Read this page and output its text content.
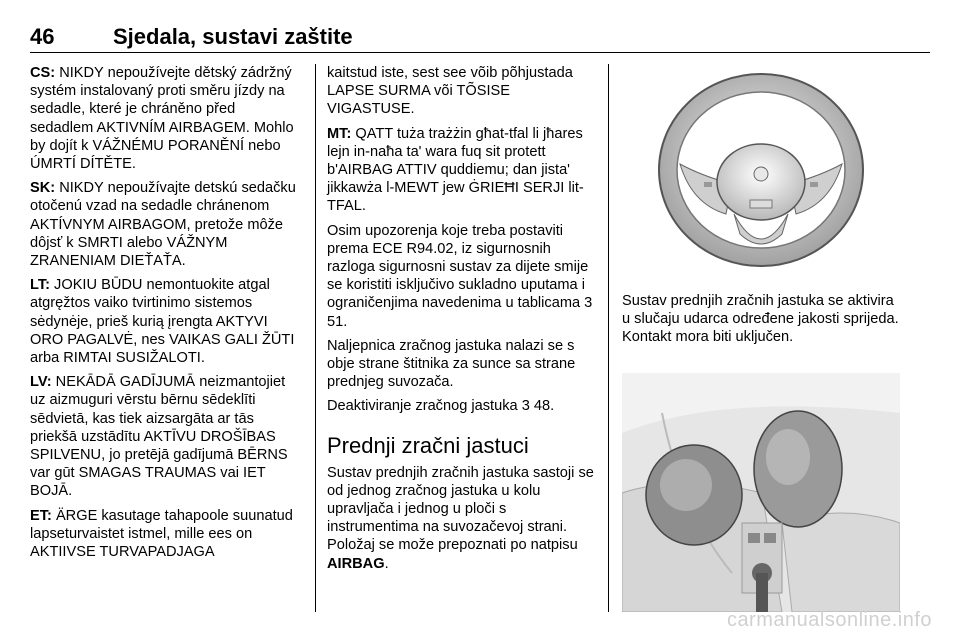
46	Sjedala, sustavi zaštite

CS: NIKDY nepoužívejte dětský zádržný systém instalovaný proti směru jízdy na sedadle, které je chráněno před sedadlem AKTIVNÍM AIRBAGEM. Mohlo by dojít k VÁŽNÉMU PORANĚNÍ nebo ÚMRTÍ DÍTĚTE.

SK: NIKDY nepoužívajte detskú sedačku otočenú vzad na sedadle chránenom AKTÍVNYM AIRBAGOM, pretože môže dôjsť k SMRTI alebo VÁŽNYM ZRANENIAM DIEŤAŤA.

LT: JOKIU BŪDU nemontuokite atgal atgręžtos vaiko tvirtinimo sistemos sėdynėje, prieš kurią įrengta AKTYVI ORO PAGALVĖ, nes VAIKAS GALI ŽŪTI arba RIMTAI SUSIŽALOTI.

LV: NEKĀDĀ GADĪJUMĀ neizmantojiet uz aizmuguri vērstu bērnu sēdeklīti sēdvietā, kas tiek aizsargāta ar tās priekšā uzstādītu AKTĪVU DROŠĪBAS SPILVENU, jo pretējā gadījumā BĒRNS var gūt SMAGAS TRAUMAS vai IET BOJĀ.

ET: ÄRGE kasutage tahapoole suunatud lapseturvaistet istmel, mille ees on AKTIIVSE TURVAPADJAGA

kaitstud iste, sest see võib põhjustada LAPSE SURMA või TÕSISE VIGASTUSE.

MT: QATT tuża trażżin għat-tfal li jħares lejn in-naħa ta' wara fuq sit protett b'AIRBAG ATTIV quddiemu; dan jista' jikkawża l-MEWT jew ĠRIEĦI SERJI lit-TFAL.

Osim upozorenja koje treba postaviti prema ECE R94.02, iz sigurnosnih razloga sigurnosni sustav za dijete smije se koristiti isključivo sukladno uputama i ograničenjima navedenima u tablicama 3 51.

Naljepnica zračnog jastuka nalazi se s obje strane štitnika za sunce sa strane prednjeg suvozača.

Deaktiviranje zračnog jastuka 3 48.

Prednji zračni jastuci

Sustav prednjih zračnih jastuka sastoji se od jednog zračnog jastuka u kolu upravljača i jednog u ploči s instrumentima na suvozačevoj strani. Položaj se može prepoznati po natpisu AIRBAG.

Sustav prednjih zračnih jastuka se aktivira u slučaju udarca određene jakosti sprijeda. Kontakt mora biti uključen.
carmanualsonline.info
